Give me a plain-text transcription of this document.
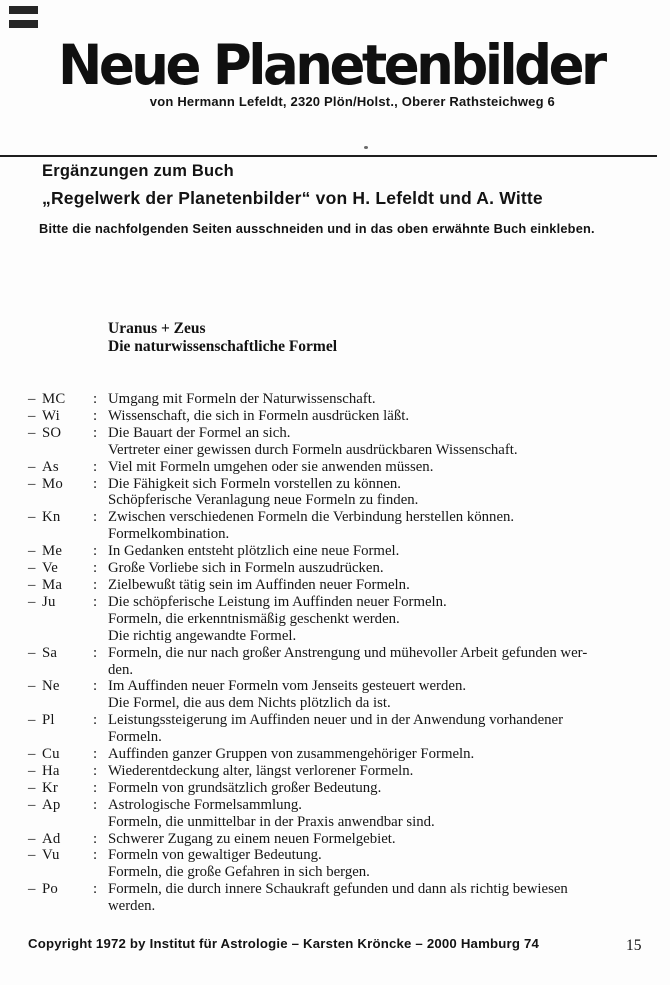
Neue Planetenbilder
von Hermann Lefeldt, 2320 Plön/Holst., Oberer Rathsteichweg 6
Ergänzungen zum Buch
„Regelwerk der Planetenbilder“ von H. Lefeldt und A. Witte
Bitte die nachfolgenden Seiten ausschneiden und in das oben erwähnte Buch einkleben.
Uranus + Zeus
Die naturwissenschaftliche Formel
– MC	: Umgang mit Formeln der Naturwissenschaft.
– Wi	: Wissenschaft, die sich in Formeln ausdrücken läßt.
– SO	: Die Bauart der Formel an sich.
Vertreter einer gewissen durch Formeln ausdrückbaren Wissenschaft.
– As	: Viel mit Formeln umgehen oder sie anwenden müssen.
– Mo	: Die Fähigkeit sich Formeln vorstellen zu können.
Schöpferische Veranlagung neue Formeln zu finden.
– Kn	: Zwischen verschiedenen Formeln die Verbindung herstellen können.
Formelkombination.
– Me	: In Gedanken entsteht plötzlich eine neue Formel.
– Ve	: Große Vorliebe sich in Formeln auszudrücken.
– Ma	: Zielbewußt tätig sein im Auffinden neuer Formeln.
– Ju	: Die schöpferische Leistung im Auffinden neuer Formeln.
Formeln, die erkenntnismäßig geschenkt werden.
Die richtig angewandte Formel.
– Sa	: Formeln, die nur nach großer Anstrengung und mühevoller Arbeit gefunden wer-
den.
– Ne	: Im Auffinden neuer Formeln vom Jenseits gesteuert werden.
Die Formel, die aus dem Nichts plötzlich da ist.
– Pl	: Leistungssteigerung im Auffinden neuer und in der Anwendung vorhandener
Formeln.
– Cu	: Auffinden ganzer Gruppen von zusammengehöriger Formeln.
– Ha	: Wiederentdeckung alter, längst verlorener Formeln.
– Kr	: Formeln von grundsätzlich großer Bedeutung.
– Ap	: Astrologische Formelsammlung.
Formeln, die unmittelbar in der Praxis anwendbar sind.
– Ad	: Schwerer Zugang zu einem neuen Formelgebiet.
– Vu	: Formeln von gewaltiger Bedeutung.
Formeln, die große Gefahren in sich bergen.
– Po	: Formeln, die durch innere Schaukraft gefunden und dann als richtig bewiesen
werden.
Copyright 1972 by Institut für Astrologie – Karsten Kröncke – 2000 Hamburg 74	15
